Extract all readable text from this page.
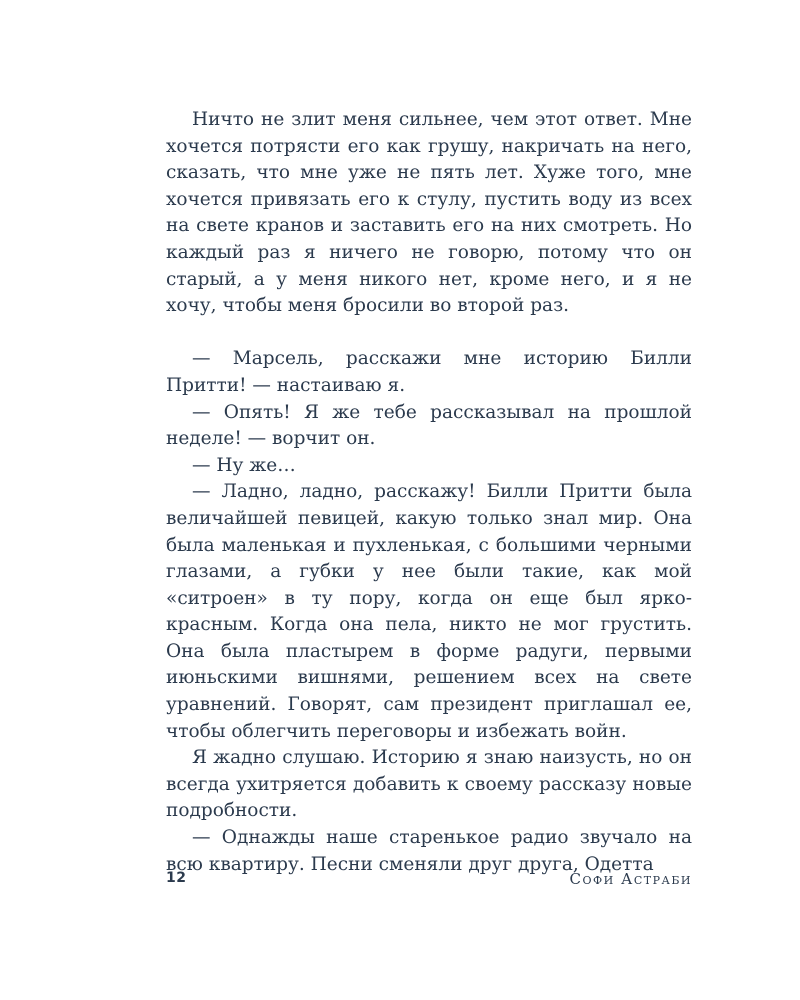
Ничто не злит меня сильнее, чем этот ответ. Мне хочется потрясти его как грушу, накричать на него, сказать, что мне уже не пять лет. Хуже того, мне хочется привязать его к стулу, пустить воду из всех на свете кранов и заставить его на них смотреть. Но каждый раз я ничего не говорю, потому что он старый, а у меня никого нет, кроме него, и я не хочу, чтобы меня бросили во второй раз.

— Марсель, расскажи мне историю Билли Притти! — настаиваю я.

— Опять! Я же тебе рассказывал на прошлой неделе! — ворчит он.

— Ну же…

— Ладно, ладно, расскажу! Билли Притти была величайшей певицей, какую только знал мир. Она была маленькая и пухленькая, с большими черными глазами, а губки у нее были такие, как мой «ситроен» в ту пору, когда он еще был ярко-красным. Когда она пела, никто не мог грустить. Она была пластырем в форме радуги, первыми июньскими вишнями, решением всех на свете уравнений. Говорят, сам президент приглашал ее, чтобы облегчить переговоры и избежать войн.

Я жадно слушаю. Историю я знаю наизусть, но он всегда ухитряется добавить к своему рассказу новые подробности.

— Однажды наше старенькое радио звучало на всю квартиру. Песни сменяли друг друга, Одетта

12	Софи Астраби
